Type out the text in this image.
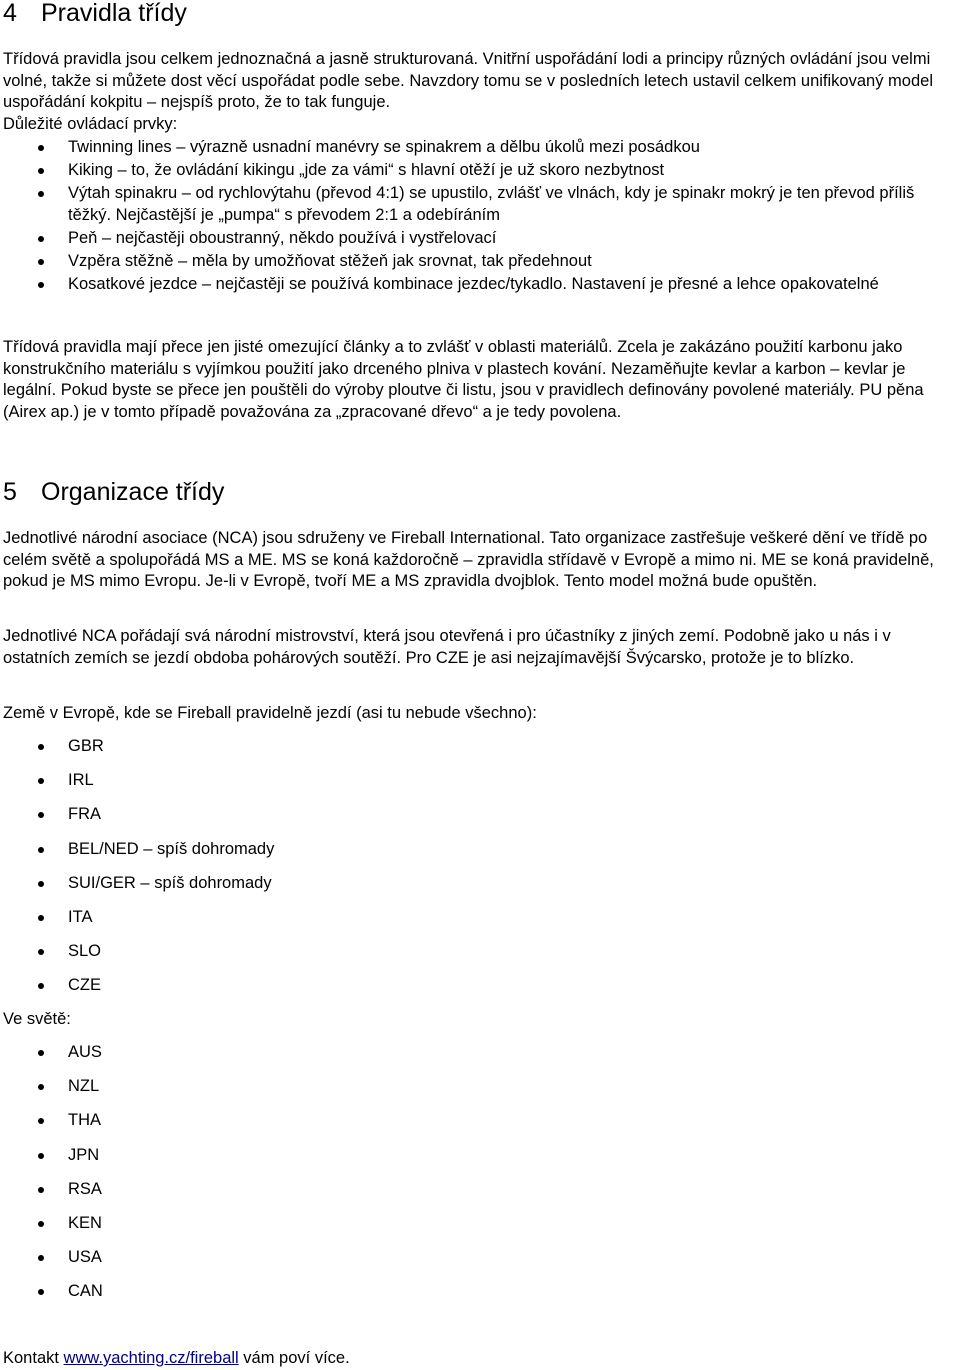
4 Pravidla třídy

Třídová pravidla jsou celkem jednoznačná a jasně strukturovaná. Vnitřní uspořádání lodi a principy různých ovládání jsou velmi volné, takže si můžete dost věcí uspořádat podle sebe. Navzdory tomu se v posledních letech ustavil celkem unifikovaný model uspořádání kokpitu – nejspíš proto, že to tak funguje.

Důležité ovládací prvky:

Twinning lines – výrazně usnadní manévry se spinakrem a dělbu úkolů mezi posádkou
Kiking – to, že ovládání kikingu „jde za vámi“ s hlavní otěží je už skoro nezbytnost
Výtah spinakru – od rychlovýtahu (převod 4:1) se upustilo, zvlášť ve vlnách, kdy je spinakr mokrý je ten převod příliš těžký. Nejčastější je „pumpa“ s převodem 2:1 a odebíráním
Peň – nejčastěji oboustranný, někdo používá i vystřelovací
Vzpěra stěžně – měla by umožňovat stěžeň jak srovnat, tak předehnout
Kosatkové jezdce – nejčastěji se používá kombinace jezdec/tykadlo. Nastavení je přesné a lehce opakovatelné

Třídová pravidla mají přece jen jisté omezující články a to zvlášť v oblasti materiálů. Zcela je zakázáno použití karbonu jako konstrukčního materiálu s vyjímkou použití jako drceného plniva v plastech kování. Nezaměňujte kevlar a karbon – kevlar je legální. Pokud byste se přece jen pouštěli do výroby ploutve či listu, jsou v pravidlech definovány povolené materiály. PU pěna (Airex ap.) je v tomto případě považována za „zpracované dřevo“ a je tedy povolena.

5 Organizace třídy

Jednotlivé národní asociace (NCA) jsou sdruženy ve Fireball International. Tato organizace zastřešuje veškeré dění ve třídě po celém světě a spolupořádá MS a ME. MS se koná každoročně – zpravidla střídavě v Evropě a mimo ni. ME se koná pravidelně, pokud je MS mimo Evropu. Je-li v Evropě, tvoří ME a MS zpravidla dvojblok. Tento model možná bude opuštěn.

Jednotlivé NCA pořádají svá národní mistrovství, která jsou otevřená i pro účastníky z jiných zemí. Podobně jako u nás i v ostatních zemích se jezdí obdoba pohárových soutěží. Pro CZE je asi nejzajímavější Švýcarsko, protože je to blízko.

Země v Evropě, kde se Fireball pravidelně jezdí (asi tu nebude všechno):

GBR
IRL
FRA
BEL/NED – spíš dohromady
SUI/GER – spíš dohromady
ITA
SLO
CZE

Ve světě:

AUS
NZL
THA
JPN
RSA
KEN
USA
CAN

Kontakt www.yachting.cz/fireball vám poví více.
